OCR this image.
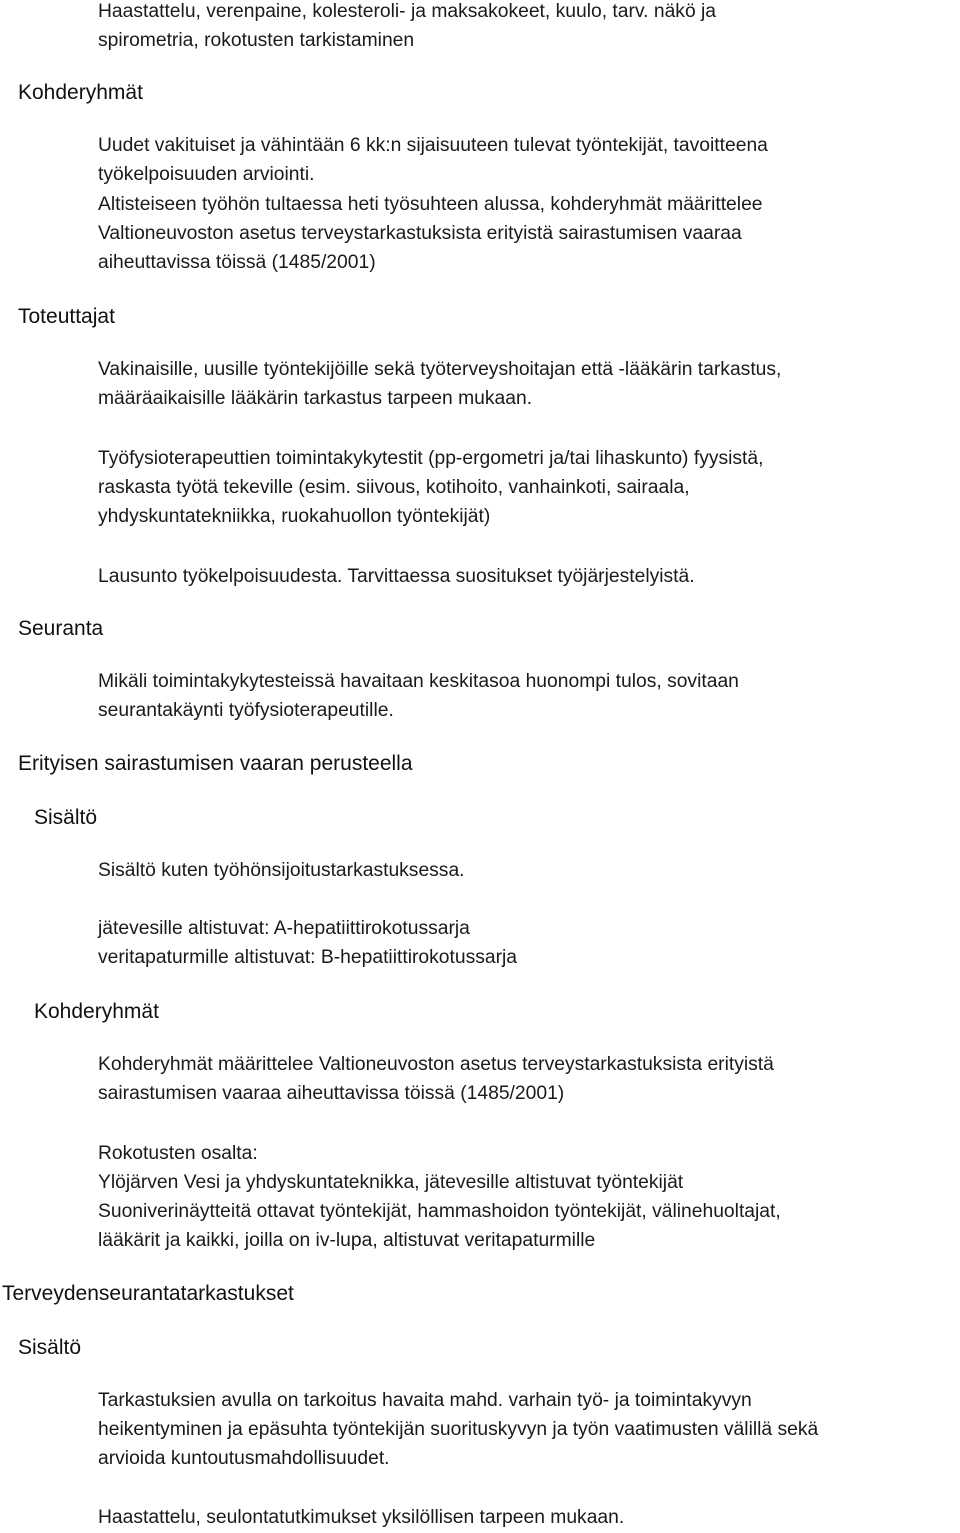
Haastattelu, verenpaine, kolesteroli- ja maksakokeet, kuulo, tarv. näkö ja
spirometria, rokotusten tarkistaminen
Kohderyhmät
Uudet vakituiset ja vähintään 6 kk:n sijaisuuteen tulevat työntekijät, tavoitteena
työkelpoisuuden arviointi.
Altisteiseen työhön tultaessa heti työsuhteen alussa, kohderyhmät määrittelee
Valtioneuvoston asetus terveystarkastuksista erityistä sairastumisen vaaraa
aiheuttavissa töissä (1485/2001)
Toteuttajat
Vakinaisille, uusille työntekijöille sekä työterveyshoitajan että -lääkärin tarkastus,
määräaikaisille lääkärin tarkastus tarpeen mukaan.
Työfysioterapeuttien toimintakykytestit (pp-ergometri ja/tai lihaskunto) fyysistä,
raskasta työtä tekeville (esim. siivous, kotihoito, vanhainkoti, sairaala,
yhdyskuntatekniikka, ruokahuollon työntekijät)
Lausunto työkelpoisuudesta. Tarvittaessa suositukset työjärjestelyistä.
Seuranta
Mikäli toimintakykytesteissä havaitaan keskitasoa huonompi tulos, sovitaan
seurantakäynti työfysioterapeutille.
Erityisen sairastumisen vaaran perusteella
Sisältö
Sisältö kuten työhönsijoitustarkastuksessa.
jätevesille altistuvat: A-hepatiittirokotussarja
veritapaturmille altistuvat: B-hepatiittirokotussarja
Kohderyhmät
Kohderyhmät määrittelee Valtioneuvoston asetus terveystarkastuksista erityistä
sairastumisen vaaraa aiheuttavissa töissä (1485/2001)
Rokotusten osalta:
Ylöjärven Vesi ja yhdyskuntateknikka, jätevesille altistuvat työntekijät
Suoniverinäytteitä ottavat työntekijät, hammashoidon työntekijät, välinehuoltajat,
lääkärit ja kaikki, joilla on iv-lupa, altistuvat veritapaturmille
Terveydenseurantatarkastukset
Sisältö
Tarkastuksien avulla on tarkoitus havaita mahd. varhain työ- ja toimintakyvyn
heikentyminen ja epäsuhta työntekijän suorituskyvyn ja työn vaatimusten välillä sekä
arvioida kuntoutusmahdollisuudet.
Haastattelu, seulontatutkimukset yksilöllisen tarpeen mukaan.
